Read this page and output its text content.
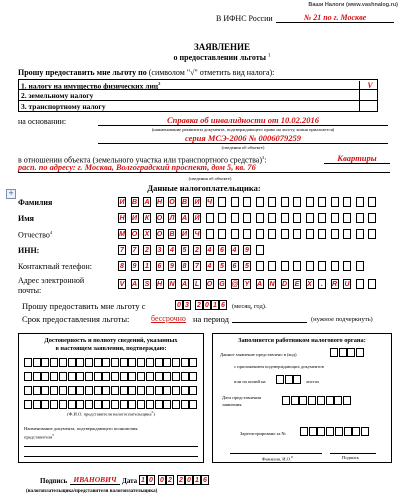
Ваши Налоги (www.vashnalog.ru)
В ИФНС России	№ 21 по г. Москве
ЗАЯВЛЕНИЕ
о предоставлении льготы $^1$
Прошу предоставить мне льготу по (символом "√" отметить вид налога):
1. налогу на имущество физических лиц$^2$	V
2. земельному налогу
3. транспортному налогу
на основании:	Справка об инвалидности от 10.02.2016
(наименование реквизиты документа, подтверждающего право на льготу, копия прилагается)
серия МСЭ-2006 № 0006079259
(сведения об объекте)
в отношении объекта (земельного участка или транспортного средства)$^3$:	Квартиры
расп. по адресу: г. Москва, Волгоградский проспект, дом 5, кв. 76
(сведения об объекте)
+	Данные налогоплательщика:
Фамилия	И В А Н О В И Ч
Имя	Н И К О Л А Й
Отчество$^4$	М О Х О В И Ч
ИНН:	7 7 2 3 4 5 2 4 6 4 9
Контактный телефон:	8 9 1 6 9 8 7 4 5 6 5
Адрес электронной
почты:
V A S H N A L O G @ Y A N D E X	.	R U
Прошу предоставить мне льготу с	0 3 2 0 1 6	(месяц, год).
Срок предоставления льготы:	бессрочно на период	(нужное подчеркнуть)
Достоверность и полноту сведений, указанных
в настоящем заявлении, подтверждаю:
(Ф.И.О. представителя налогоплательщика$^5$)
Наименование документа, подтверждающего полномочия
представителя$^5$
Заполняется работником налогового органа:
Данное заявление представлено в (код)
с приложением подтверждающих документов
или их копий на	листах
Дата представления
заявления
Зарегистрировано за №
Фамилия, И.О.$^6$	Подпись
Подпись ИВАНОВИЧ Дата 1 0 0 2 2 0 1 6
(налогоплательщика/представителя налогоплательщика)
